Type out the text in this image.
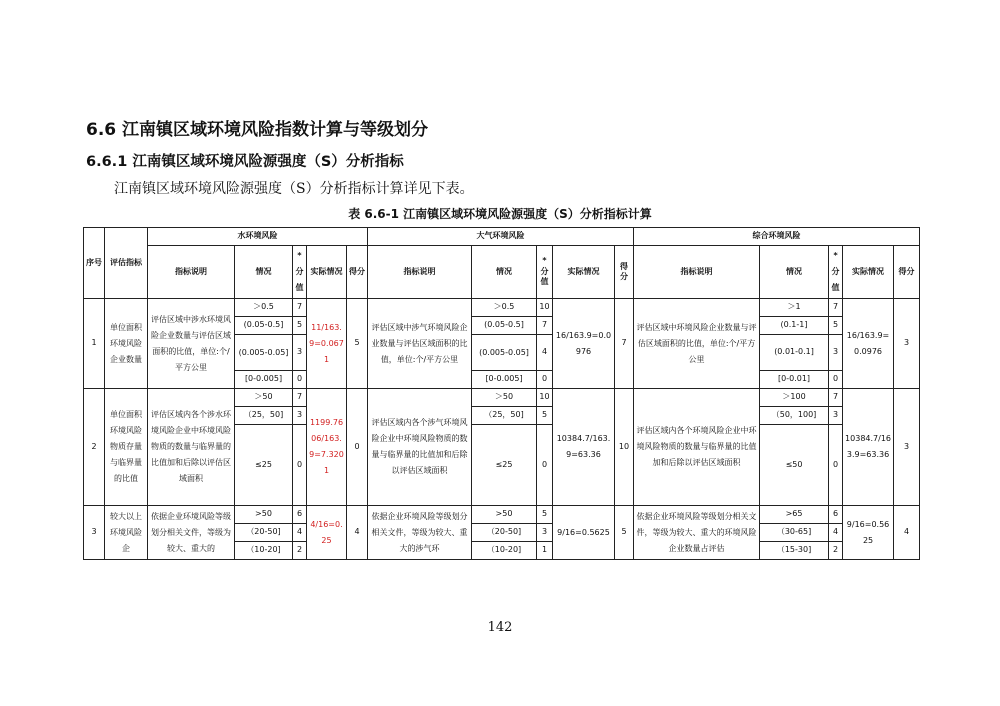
6.6 江南镇区域环境风险指数计算与等级划分
6.6.1 江南镇区域环境风险源强度（S）分析指标
江南镇区域环境风险源强度（S）分析指标计算详见下表。
表 6.6-1 江南镇区域环境风险源强度（S）分析指标计算
序号	评估指标	水环境风险					大气环境风险					综合环境风险				
		指标说明	情况	*分值	实际情况	得分	指标说明	情况	*分值	实际情况	得分	指标说明	情况	*分值	实际情况	得分
1	单位面积环境风险企业数量	评估区域中涉水环境风险企业数量与评估区域面积的比值，单位:个/平方公里	＞0.5	7	11/163.9=0.0671	5	评估区域中涉气环境风险企业数量与评估区域面积的比值，单位:个/平方公里	＞0.5	10	16/163.9=0.0976	7	评估区域中环境风险企业数量与评估区域面积的比值，单位:个/平方公里	＞1	7	16/163.9=0.0976	3
			(0.05-0.5]	5				(0.05-0.5]	7				(0.1-1]	5		
			(0.005-0.05]	3				(0.005-0.05]	4				(0.01-0.1]	3		
			[0-0.005]	0				[0-0.005]	0				[0-0.01]	0		
2	单位面积环境风险物质存量与临界量的比值	评估区域内各个涉水环境风险企业中环境风险物质的数量与临界量的比值加和后除以评估区域面积	＞50	7	1199.7606/163.9=7.3201	0	评估区域内各个涉气环境风险企业中环境风险物质的数量与临界量的比值加和后除以评估区域面积	＞50	10	10384.7/163.9=63.36	10	评估区域内各个环境风险企业中环境风险物质的数量与临界量的比值加和后除以评估区域面积	＞100	7	10384.7/163.9=63.36	3
			（25，50]	3				（25，50]	5				（50，100]	3		
			≤25	0				≤25	0				≤50	0		
3	较大以上环境风险企	依据企业环境风险等级划分相关文件，等级为较大、重大的	>50	6	4/16=0.25	4	依据企业环境风险等级划分相关文件，等级为较大、重大的涉气环	>50	5	9/16=0.5625	5	依据企业环境风险等级划分相关文件，等级为较大、重大的环境风险企业数量占评估	>65	6	9/16=0.5625	4
			（20-50]	4				（20-50]	3				（30-65]	4		
			（10-20]	2				（10-20]	1				（15-30]	2		
142
